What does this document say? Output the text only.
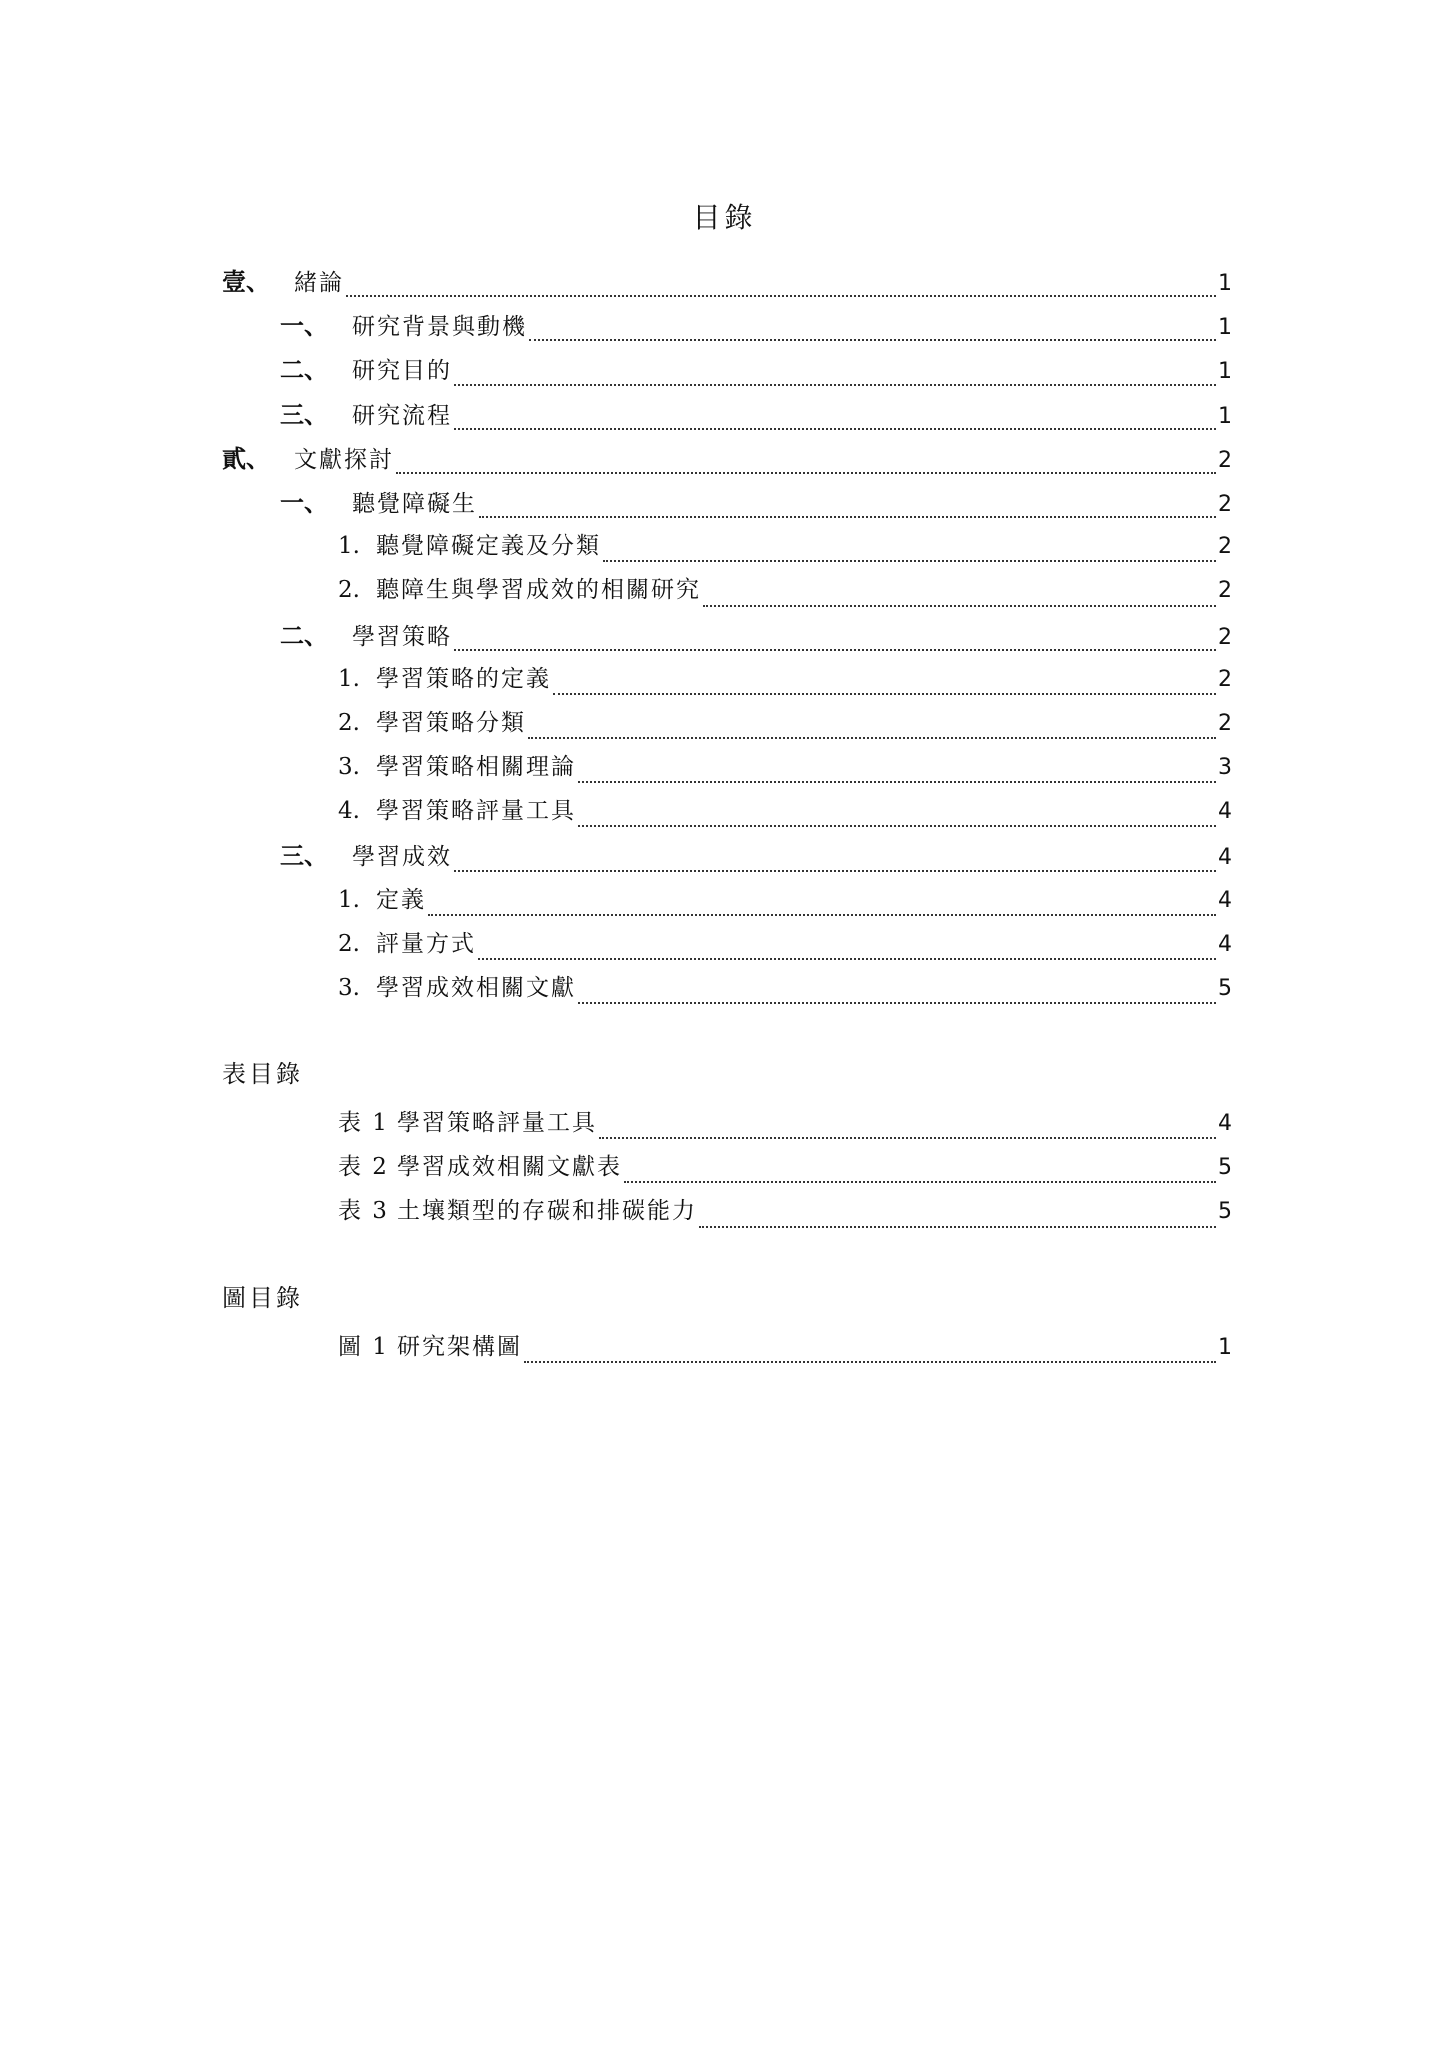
目錄
壹、	緒論	1
一、	研究背景與動機	1
二、	研究目的	1
三、	研究流程	1
貳、	文獻探討	2
一、	聽覺障礙生	2
1. 聽覺障礙定義及分類	2
2. 聽障生與學習成效的相關研究	2
二、	學習策略	2
1. 學習策略的定義	2
2. 學習策略分類	2
3. 學習策略相關理論	3
4. 學習策略評量工具	4
三、	學習成效	4
1. 定義	4
2. 評量方式	4
3. 學習成效相關文獻	5
表目錄
表 1 學習策略評量工具	4
表 2 學習成效相關文獻表	5
表 3 土壤類型的存碳和排碳能力	5
圖目錄
圖 1 研究架構圖	1
